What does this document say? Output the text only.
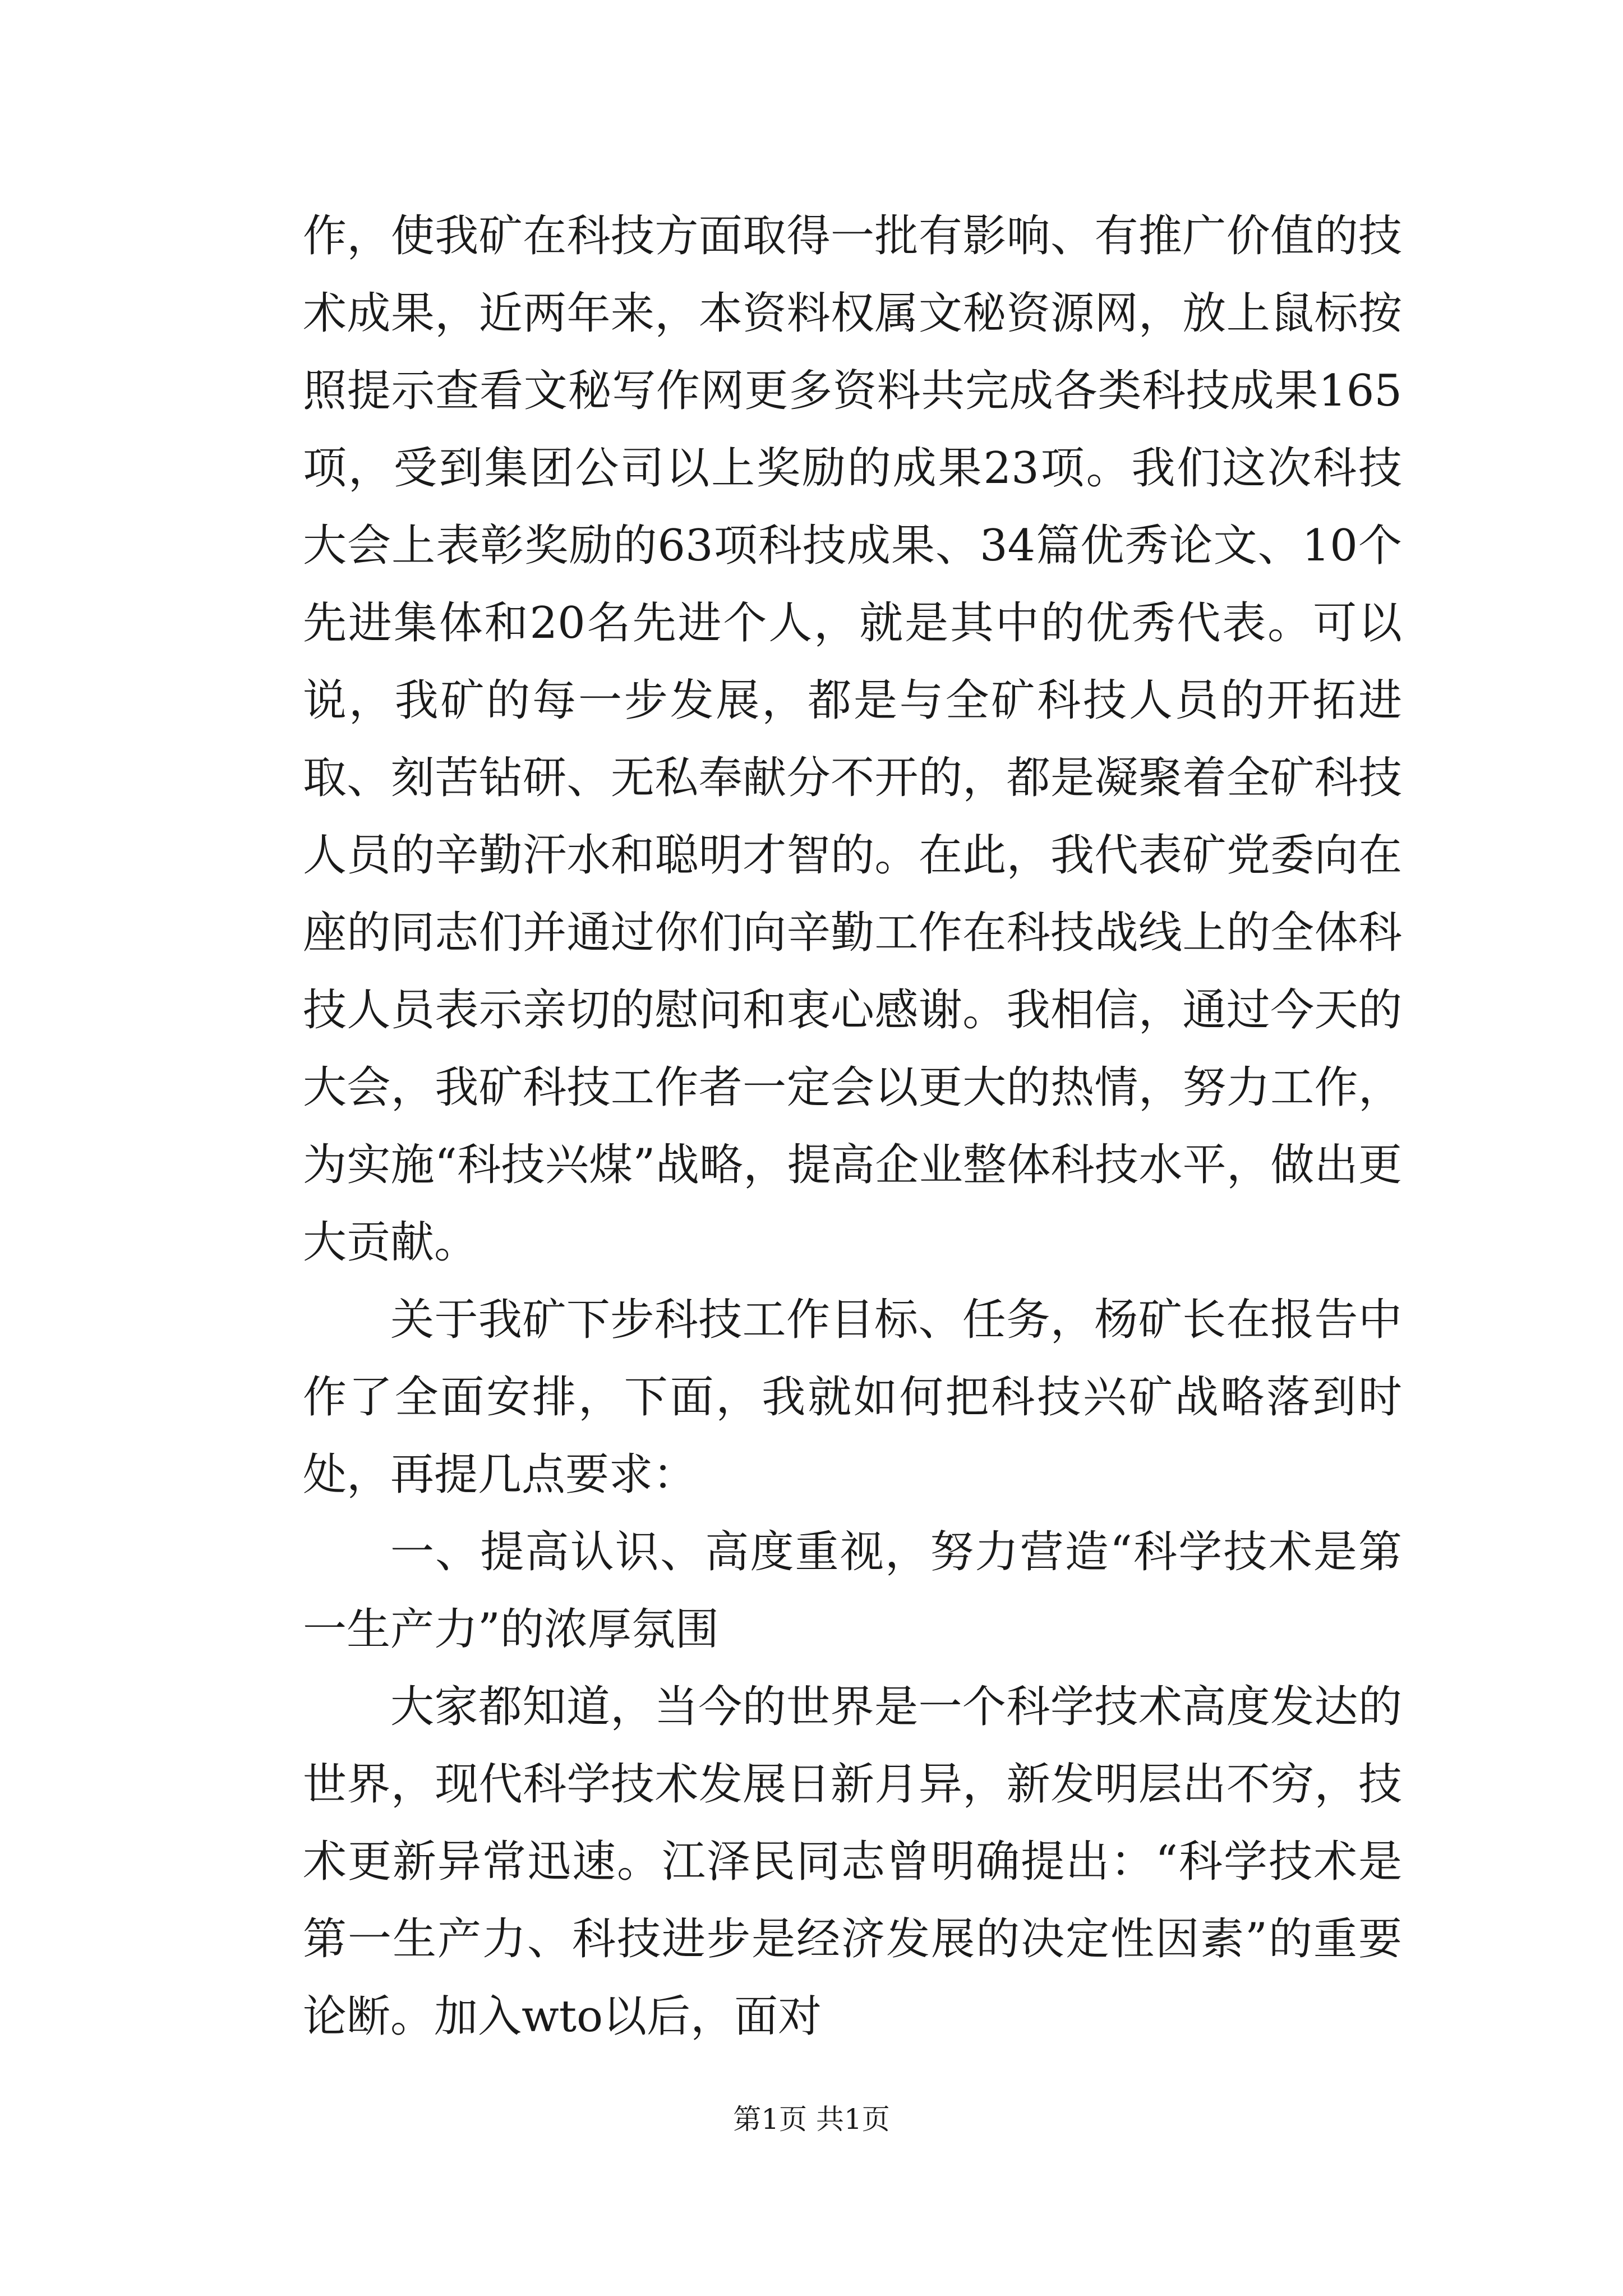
作，使我矿在科技方面取得一批有影响、有推广价值的技术成果，近两年来，本资料权属文秘资源网，放上鼠标按照提示查看文秘写作网更多资料共完成各类科技成果165项，受到集团公司以上奖励的成果23项。我们这次科技大会上表彰奖励的63项科技成果、34篇优秀论文、10个先进集体和20名先进个人，就是其中的优秀代表。可以说，我矿的每一步发展，都是与全矿科技人员的开拓进取、刻苦钻研、无私奉献分不开的，都是凝聚着全矿科技人员的辛勤汗水和聪明才智的。在此，我代表矿党委向在座的同志们并通过你们向辛勤工作在科技战线上的全体科技人员表示亲切的慰问和衷心感谢。我相信，通过今天的大会，我矿科技工作者一定会以更大的热情，努力工作，为实施“科技兴煤”战略，提高企业整体科技水平，做出更大贡献。

关于我矿下步科技工作目标、任务，杨矿长在报告中作了全面安排，下面，我就如何把科技兴矿战略落到时处，再提几点要求：

一、提高认识、高度重视，努力营造“科学技术是第一生产力”的浓厚氛围

大家都知道，当今的世界是一个科学技术高度发达的世界，现代科学技术发展日新月异，新发明层出不穷，技术更新异常迅速。江泽民同志曾明确提出：“科学技术是第一生产力、科技进步是经济发展的决定性因素”的重要论断。加入wto以后，面对

第1页 共1页
